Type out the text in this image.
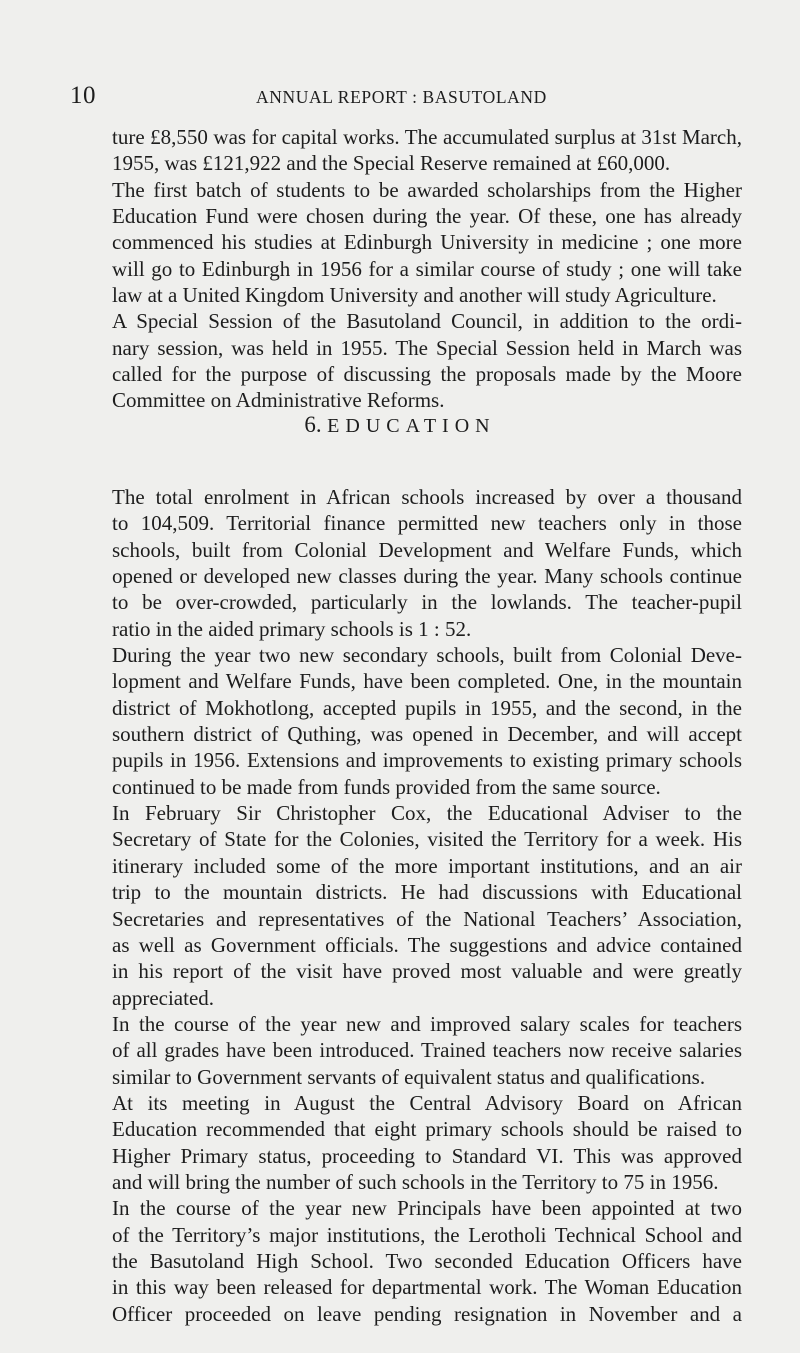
10	ANNUAL REPORT : BASUTOLAND
ture £8,550 was for capital works. The accumulated surplus at 31st March,
1955, was £121,922 and the Special Reserve remained at £60,000.
The first batch of students to be awarded scholarships from the Higher
Education Fund were chosen during the year. Of these, one has already
commenced his studies at Edinburgh University in medicine ; one more
will go to Edinburgh in 1956 for a similar course of study ; one will take
law at a United Kingdom University and another will study Agriculture.
A Special Session of the Basutoland Council, in addition to the ordi-
nary session, was held in 1955. The Special Session held in March was
called for the purpose of discussing the proposals made by the Moore
Committee on Administrative Reforms.
6. EDUCATION
The total enrolment in African schools increased by over a thousand
to 104,509. Territorial finance permitted new teachers only in those
schools, built from Colonial Development and Welfare Funds, which
opened or developed new classes during the year. Many schools continue
to be over-crowded, particularly in the lowlands. The teacher-pupil
ratio in the aided primary schools is 1 : 52.
During the year two new secondary schools, built from Colonial Deve-
lopment and Welfare Funds, have been completed. One, in the mountain
district of Mokhotlong, accepted pupils in 1955, and the second, in the
southern district of Quthing, was opened in December, and will accept
pupils in 1956. Extensions and improvements to existing primary schools
continued to be made from funds provided from the same source.
In February Sir Christopher Cox, the Educational Adviser to the
Secretary of State for the Colonies, visited the Territory for a week. His
itinerary included some of the more important institutions, and an air
trip to the mountain districts. He had discussions with Educational
Secretaries and representatives of the National Teachers’ Association,
as well as Government officials. The suggestions and advice contained
in his report of the visit have proved most valuable and were greatly
appreciated.
In the course of the year new and improved salary scales for teachers
of all grades have been introduced. Trained teachers now receive salaries
similar to Government servants of equivalent status and qualifications.
At its meeting in August the Central Advisory Board on African
Education recommended that eight primary schools should be raised to
Higher Primary status, proceeding to Standard VI. This was approved
and will bring the number of such schools in the Territory to 75 in 1956.
In the course of the year new Principals have been appointed at two
of the Territory’s major institutions, the Lerotholi Technical School and
the Basutoland High School. Two seconded Education Officers have
in this way been released for departmental work. The Woman Education
Officer proceeded on leave pending resignation in November and a
